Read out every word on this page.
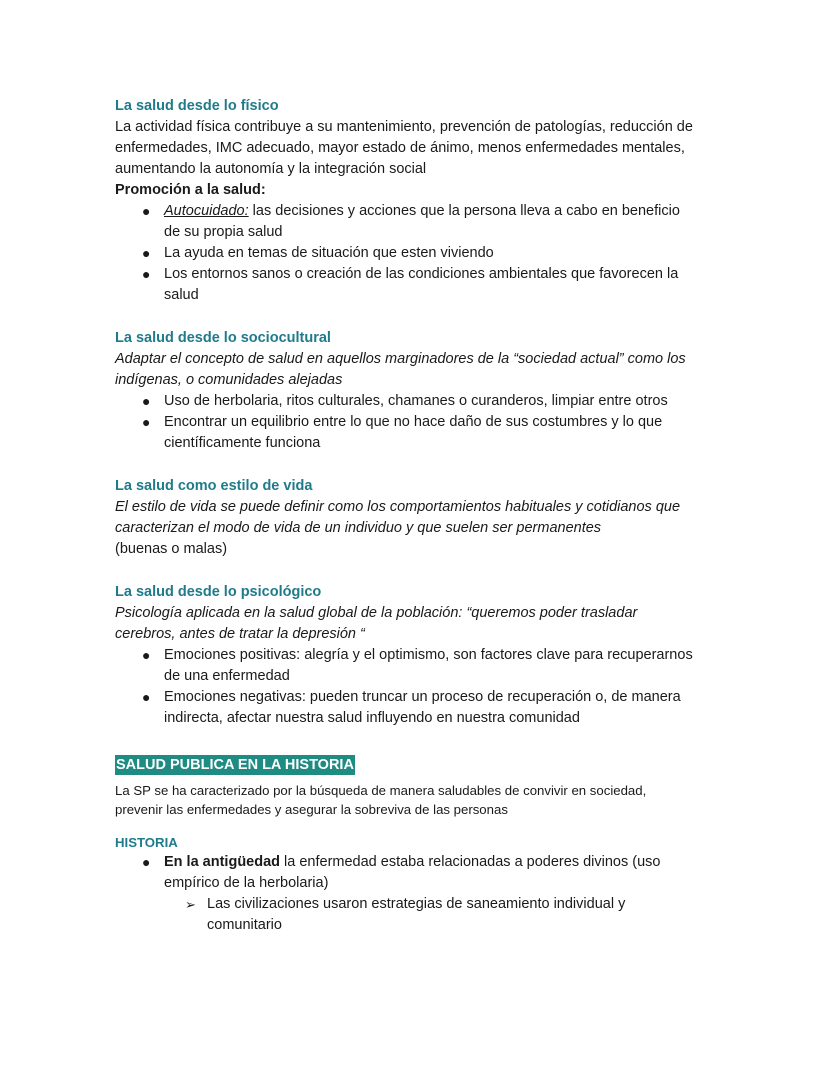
La salud desde lo físico

La actividad física contribuye a su mantenimiento, prevención de patologías, reducción de enfermedades, IMC adecuado, mayor estado de ánimo, menos enfermedades mentales, aumentando la autonomía y la integración social

Promoción a la salud:

● Autocuidado: las decisiones y acciones que la persona lleva a cabo en beneficio de su propia salud
● La ayuda en temas de situación que esten viviendo
● Los entornos sanos o creación de las condiciones ambientales que favorecen la salud

La salud desde lo sociocultural

Adaptar el concepto de salud en aquellos marginadores de la “sociedad actual” como los indígenas, o comunidades alejadas

● Uso de herbolaria, ritos culturales, chamanes o curanderos, limpiar entre otros
● Encontrar un equilibrio entre lo que no hace daño de sus costumbres y lo que científicamente funciona

La salud como estilo de vida

El estilo de vida se puede definir como los comportamientos habituales y cotidianos que caracterizan el modo de vida de un individuo y que suelen ser permanentes

(buenas o malas)

La salud desde lo psicológico

Psicología aplicada en la salud global de la población: “queremos poder trasladar cerebros, antes de tratar la depresión “

● Emociones positivas: alegría y el optimismo, son factores clave para recuperarnos de una enfermedad
● Emociones negativas: pueden truncar un proceso de recuperación o, de manera indirecta, afectar nuestra salud influyendo en nuestra comunidad
SALUD PUBLICA EN LA HISTORIA

La SP se ha caracterizado por la búsqueda de manera saludables de convivir en sociedad, prevenir las enfermedades y asegurar la sobreviva de las personas

HISTORIA

● En la antigüedad la enfermedad estaba relacionadas a poderes divinos (uso empírico de la herbolaria)
➢ Las civilizaciones usaron estrategias de saneamiento individual y comunitario
